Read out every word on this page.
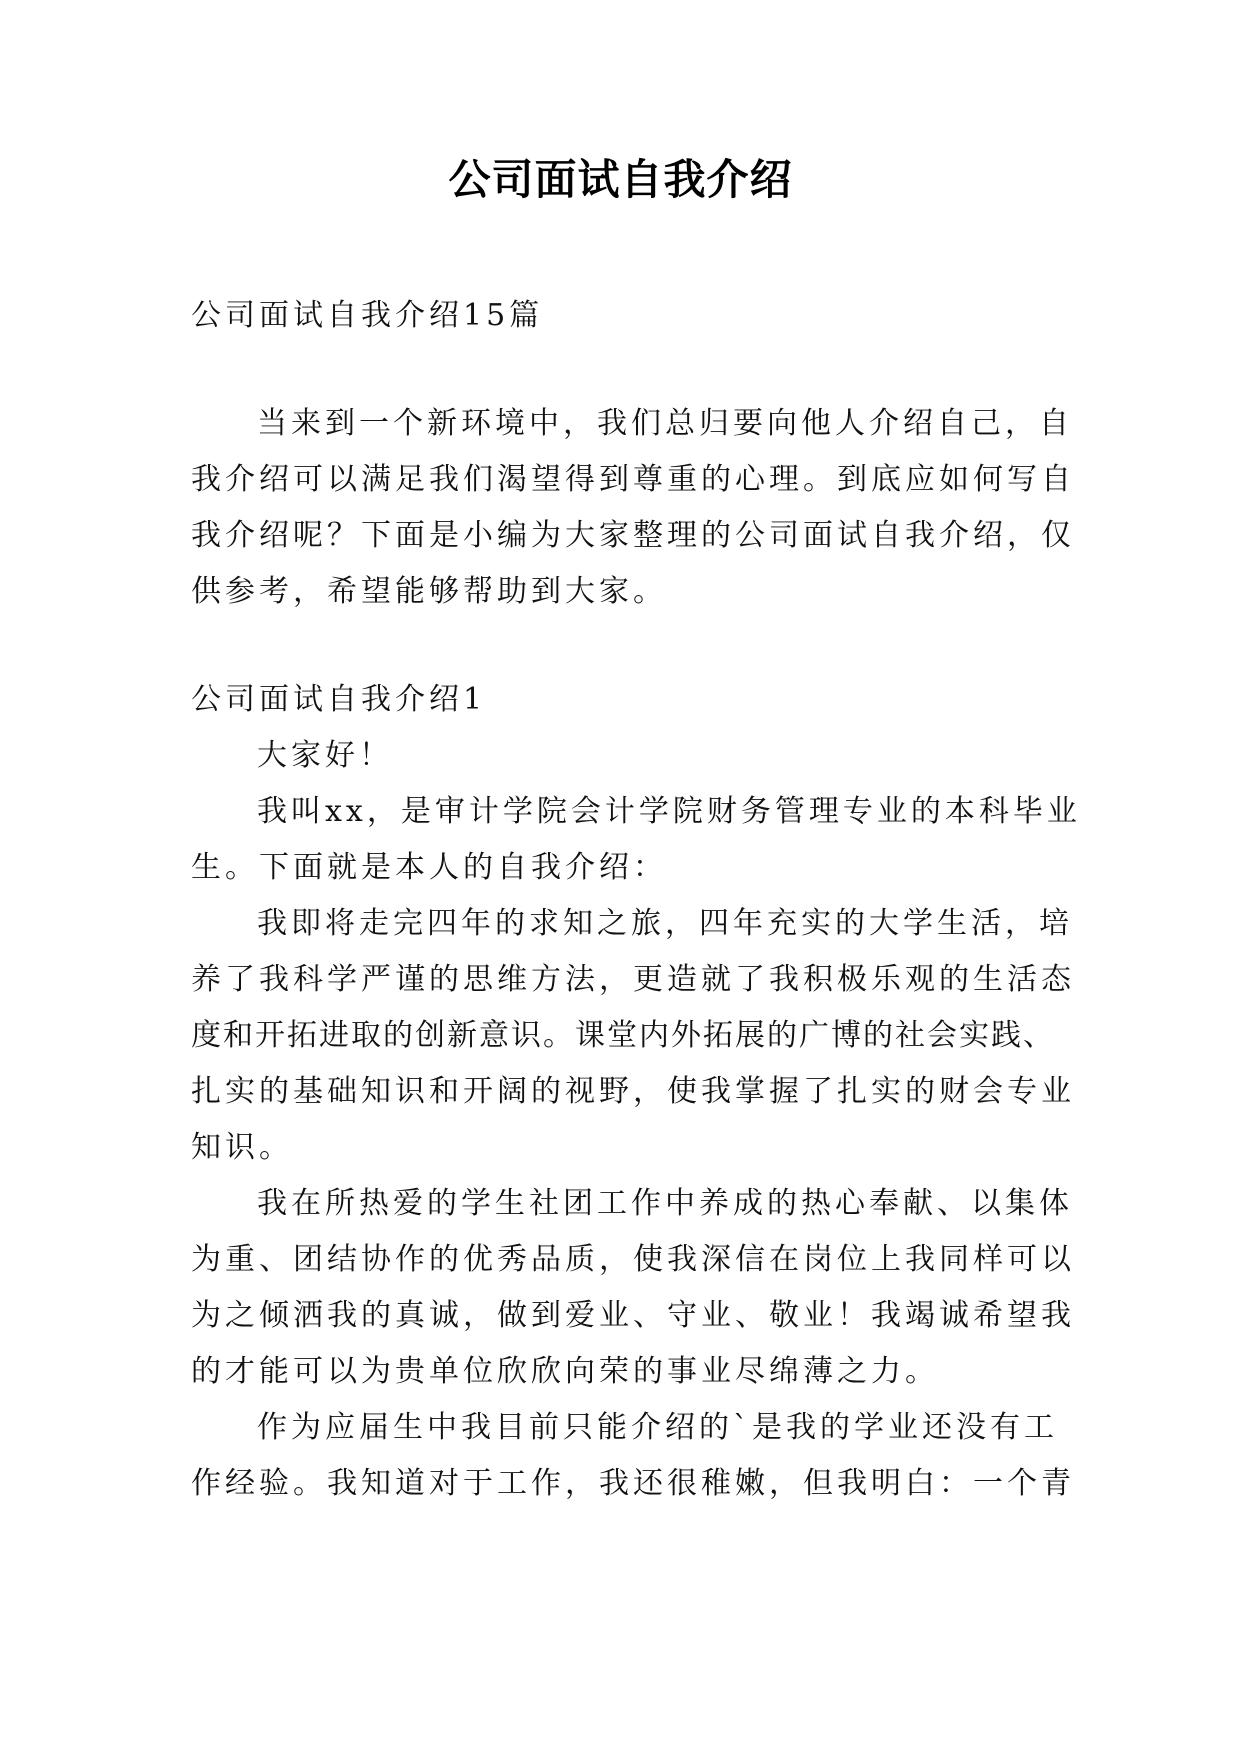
公司面试自我介绍

公司面试自我介绍15篇

当来到一个新环境中，我们总归要向他人介绍自己，自

我介绍可以满足我们渴望得到尊重的心理。到底应如何写自

我介绍呢？下面是小编为大家整理的公司面试自我介绍，仅

供参考，希望能够帮助到大家。

公司面试自我介绍1

大家好！

我叫xx，是审计学院会计学院财务管理专业的本科毕业

生。下面就是本人的自我介绍：

我即将走完四年的求知之旅，四年充实的大学生活，培

养了我科学严谨的思维方法，更造就了我积极乐观的生活态

度和开拓进取的创新意识。课堂内外拓展的广博的社会实践、

扎实的基础知识和开阔的视野，使我掌握了扎实的财会专业

知识。

我在所热爱的学生社团工作中养成的热心奉献、以集体

为重、团结协作的优秀品质，使我深信在岗位上我同样可以

为之倾洒我的真诚，做到爱业、守业、敬业！我竭诚希望我

的才能可以为贵单位欣欣向荣的事业尽绵薄之力。

作为应届生中我目前只能介绍的`是我的学业还没有工

作经验。我知道对于工作，我还很稚嫩，但我明白：一个青
